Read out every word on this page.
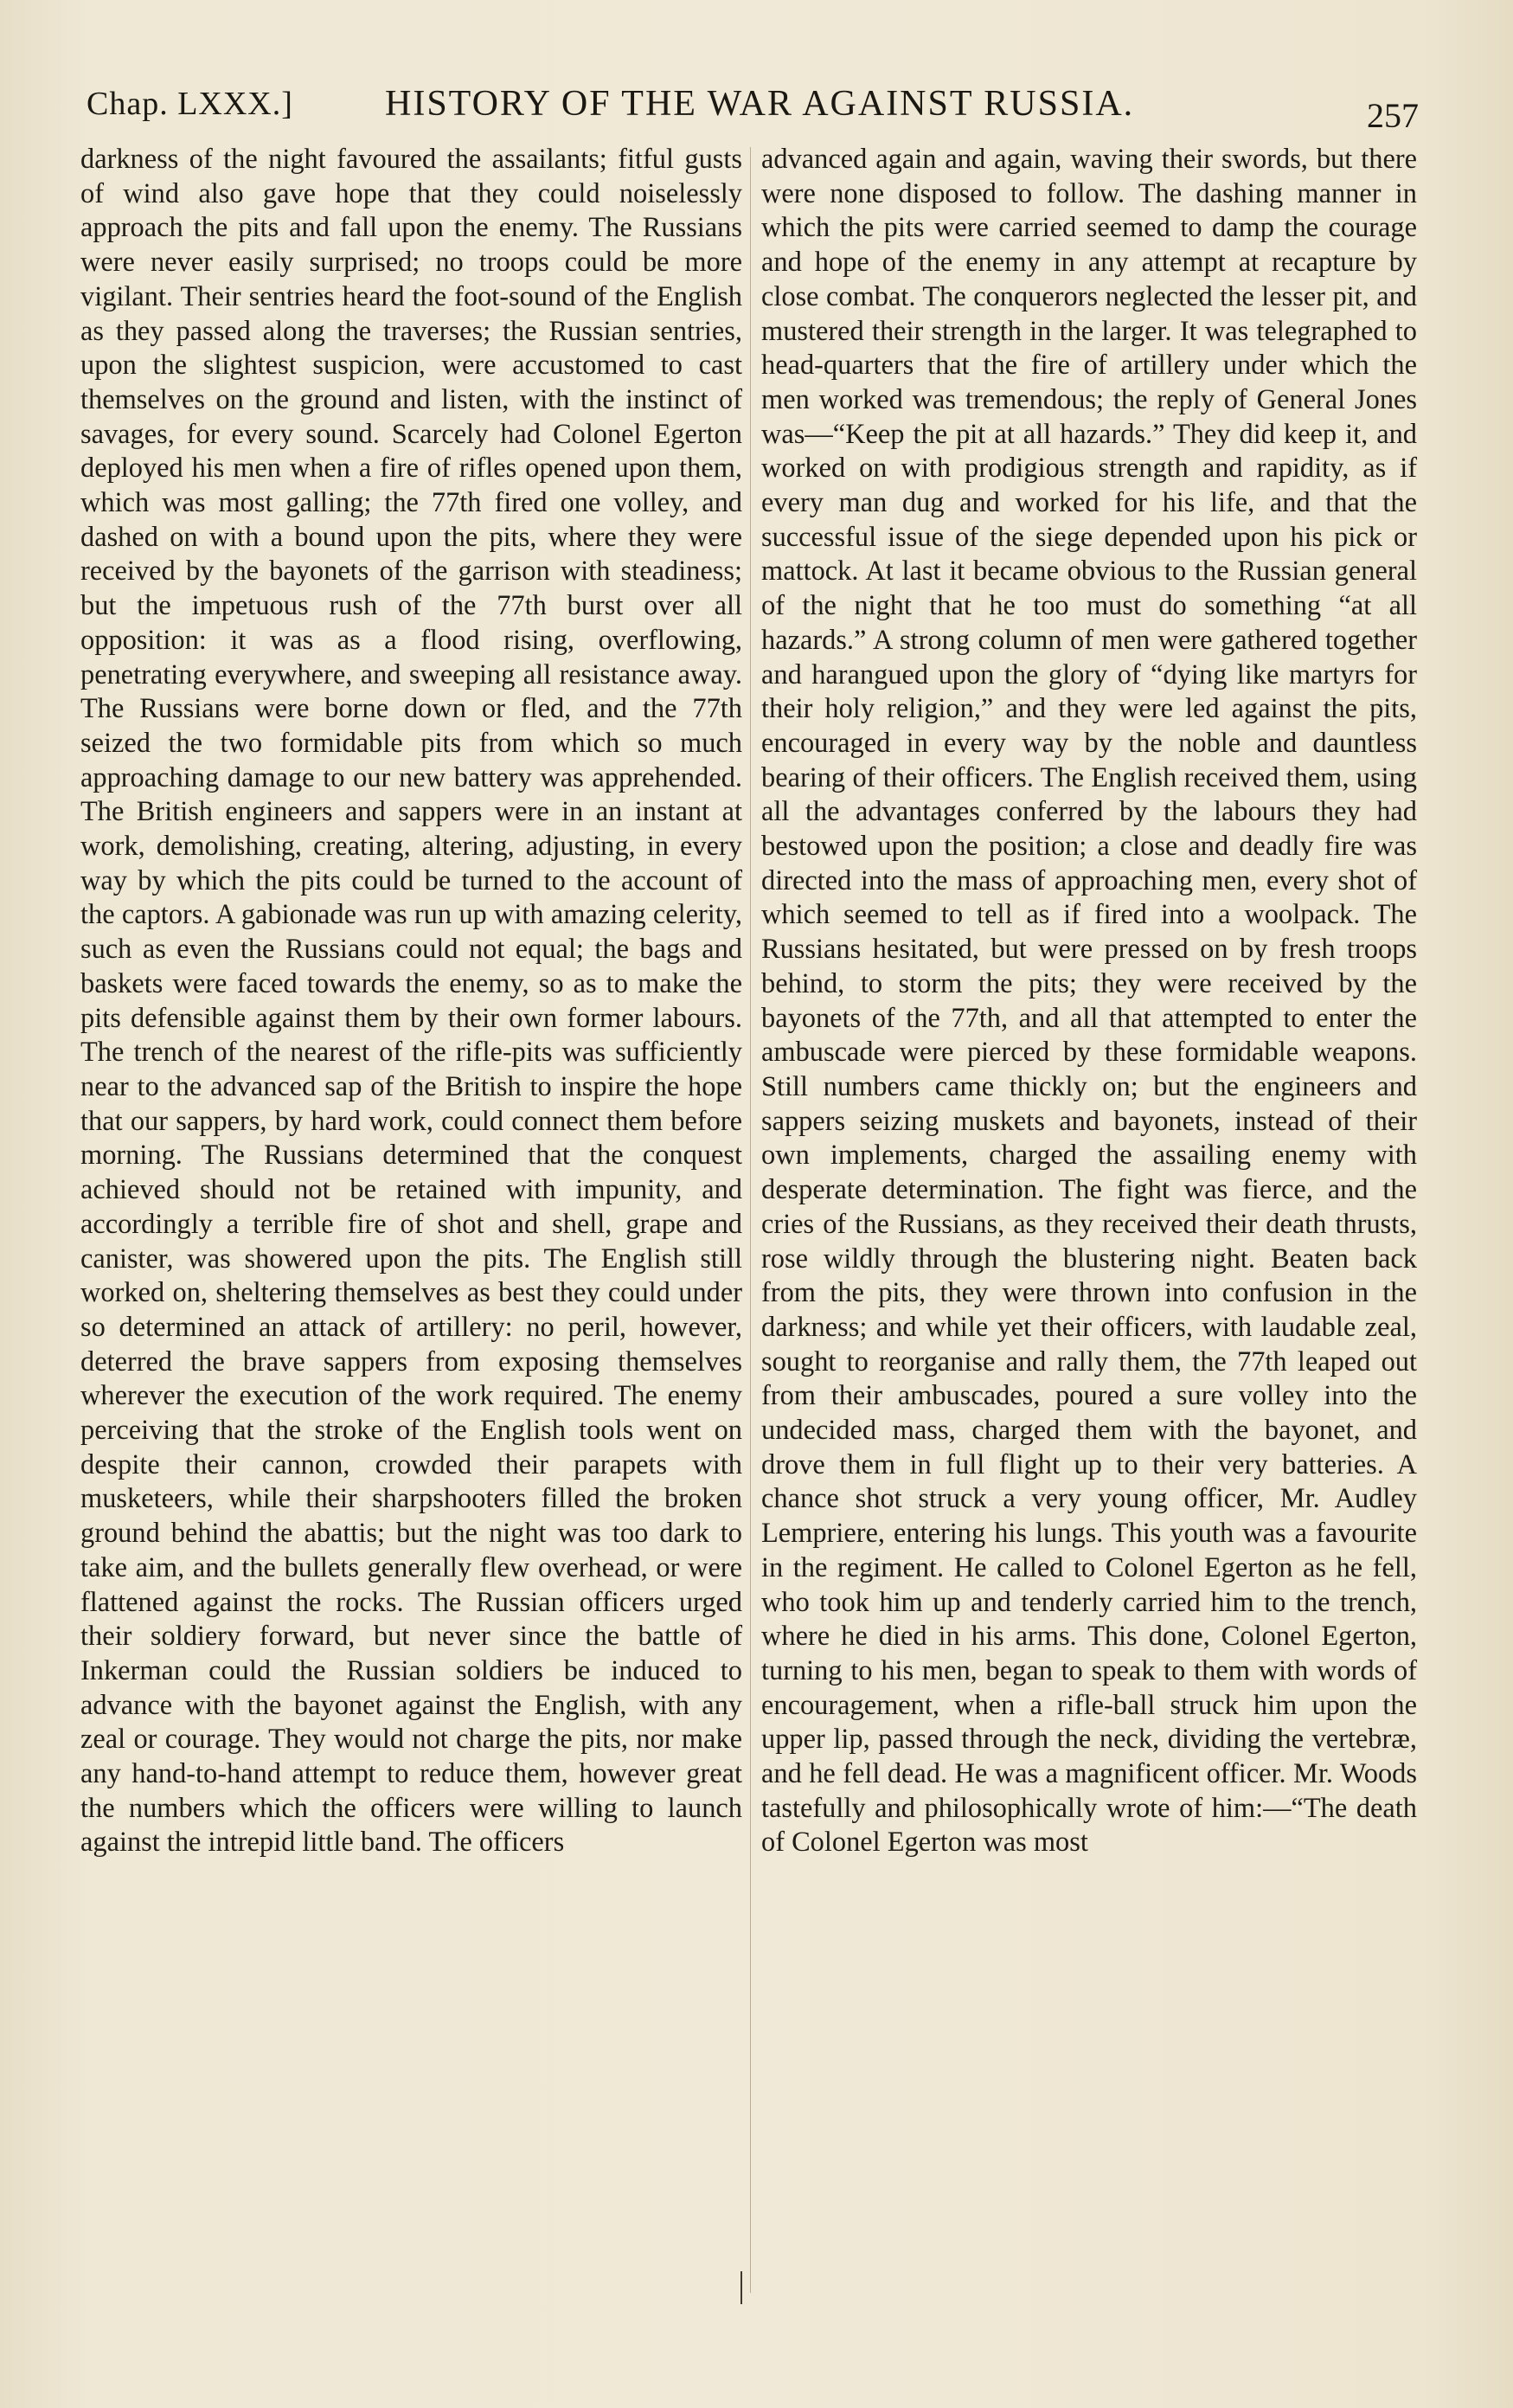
Chap. LXXX.]	HISTORY OF THE WAR AGAINST RUSSIA.	257

darkness of the night favoured the assailants; fitful gusts of wind also gave hope that they could noiselessly approach the pits and fall upon the enemy. The Russians were never easily surprised; no troops could be more vigilant. Their sentries heard the foot-sound of the English as they passed along the traverses; the Russian sentries, upon the slightest suspicion, were accustomed to cast themselves on the ground and listen, with the instinct of savages, for every sound. Scarcely had Colonel Egerton deployed his men when a fire of rifles opened upon them, which was most galling; the 77th fired one volley, and dashed on with a bound upon the pits, where they were received by the bayonets of the garrison with steadiness; but the impetuous rush of the 77th burst over all opposition: it was as a flood rising, overflowing, penetrating everywhere, and sweeping all resistance away. The Russians were borne down or fled, and the 77th seized the two formidable pits from which so much approaching damage to our new battery was apprehended. The British engineers and sappers were in an instant at work, demolishing, creating, altering, adjusting, in every way by which the pits could be turned to the account of the captors. A gabionade was run up with amazing celerity, such as even the Russians could not equal; the bags and baskets were faced towards the enemy, so as to make the pits defensible against them by their own former labours. The trench of the nearest of the rifle-pits was sufficiently near to the advanced sap of the British to inspire the hope that our sappers, by hard work, could connect them before morning. The Russians determined that the conquest achieved should not be retained with impunity, and accordingly a terrible fire of shot and shell, grape and canister, was showered upon the pits. The English still worked on, sheltering themselves as best they could under so determined an attack of artillery: no peril, however, deterred the brave sappers from exposing themselves wherever the execution of the work required. The enemy perceiving that the stroke of the English tools went on despite their cannon, crowded their parapets with musketeers, while their sharpshooters filled the broken ground behind the abattis; but the night was too dark to take aim, and the bullets generally flew overhead, or were flattened against the rocks. The Russian officers urged their soldiery forward, but never since the battle of Inkerman could the Russian soldiers be induced to advance with the bayonet against the English, with any zeal or courage. They would not charge the pits, nor make any hand-to-hand attempt to reduce them, however great the numbers which the officers were willing to launch against the intrepid little band. The officers

advanced again and again, waving their swords, but there were none disposed to follow. The dashing manner in which the pits were carried seemed to damp the courage and hope of the enemy in any attempt at recapture by close combat. The conquerors neglected the lesser pit, and mustered their strength in the larger. It was telegraphed to head-quarters that the fire of artillery under which the men worked was tremendous; the reply of General Jones was—“Keep the pit at all hazards.” They did keep it, and worked on with prodigious strength and rapidity, as if every man dug and worked for his life, and that the successful issue of the siege depended upon his pick or mattock. At last it became obvious to the Russian general of the night that he too must do something “at all hazards.” A strong column of men were gathered together and harangued upon the glory of “dying like martyrs for their holy religion,” and they were led against the pits, encouraged in every way by the noble and dauntless bearing of their officers. The English received them, using all the advantages conferred by the labours they had bestowed upon the position; a close and deadly fire was directed into the mass of approaching men, every shot of which seemed to tell as if fired into a woolpack. The Russians hesitated, but were pressed on by fresh troops behind, to storm the pits; they were received by the bayonets of the 77th, and all that attempted to enter the ambuscade were pierced by these formidable weapons. Still numbers came thickly on; but the engineers and sappers seizing muskets and bayonets, instead of their own implements, charged the assailing enemy with desperate determination. The fight was fierce, and the cries of the Russians, as they received their death thrusts, rose wildly through the blustering night. Beaten back from the pits, they were thrown into confusion in the darkness; and while yet their officers, with laudable zeal, sought to reorganise and rally them, the 77th leaped out from their ambuscades, poured a sure volley into the undecided mass, charged them with the bayonet, and drove them in full flight up to their very batteries. A chance shot struck a very young officer, Mr. Audley Lempriere, entering his lungs. This youth was a favourite in the regiment. He called to Colonel Egerton as he fell, who took him up and tenderly carried him to the trench, where he died in his arms. This done, Colonel Egerton, turning to his men, began to speak to them with words of encouragement, when a rifle-ball struck him upon the upper lip, passed through the neck, dividing the vertebræ, and he fell dead. He was a magnificent officer. Mr. Woods tastefully and philosophically wrote of him:—“The death of Colonel Egerton was most
